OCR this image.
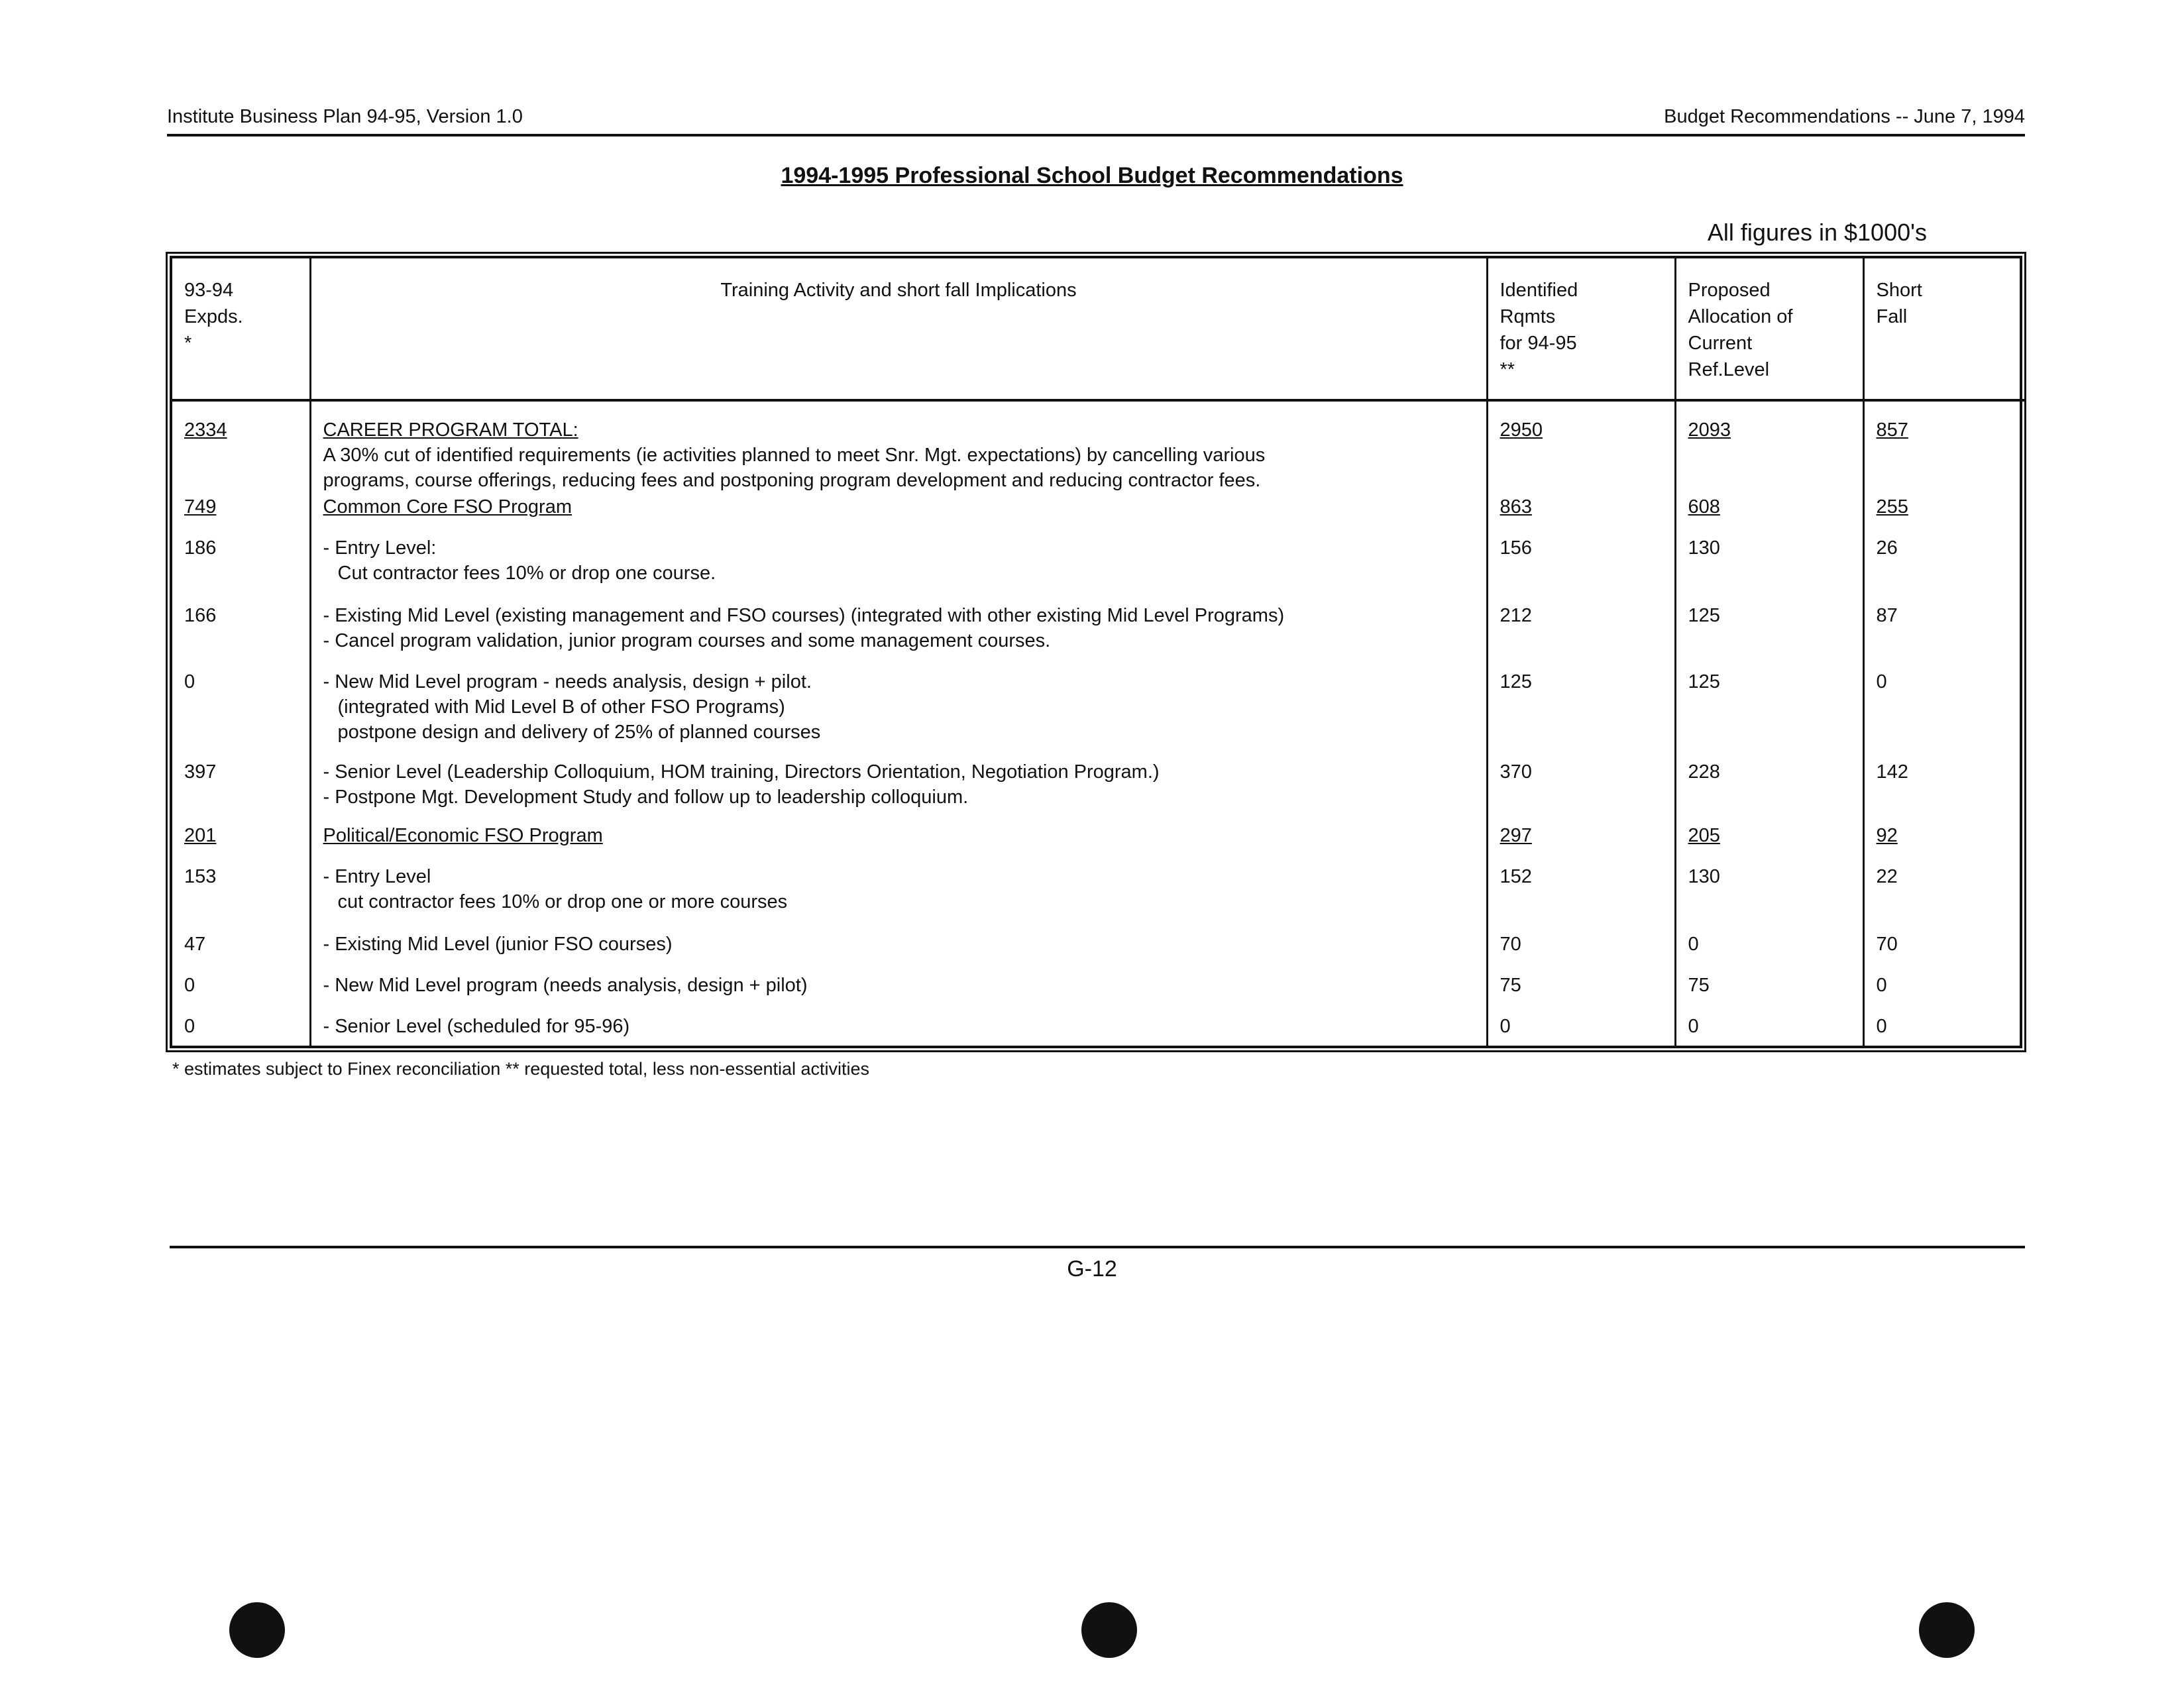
Institute Business Plan 94-95, Version 1.0	Budget Recommendations -- June 7, 1994
1994-1995 Professional School Budget Recommendations
All figures in $1000's
93-94
Expds.
*	Training Activity and short fall Implications	Identified
Rqmts
for 94-95
**	Proposed
Allocation of
Current
Ref.Level	Short
Fall

2334	CAREER PROGRAM TOTAL:
A 30% cut of identified requirements (ie activities planned to meet Snr. Mgt. expectations) by cancelling various
programs, course offerings, reducing fees and postponing program development and reducing contractor fees.	2950	2093	857

749	Common Core FSO Program	863	608	255

186	- Entry Level:
Cut contractor fees 10% or drop one course.	156	130	26

166	- Existing Mid Level (existing management and FSO courses) (integrated with other existing Mid Level Programs)
- Cancel program validation, junior program courses and some management courses.	212	125	87

0	- New Mid Level program - needs analysis, design + pilot.
(integrated with Mid Level B of other FSO Programs)
postpone design and delivery of 25% of planned courses	125	125	0

397	- Senior Level (Leadership Colloquium, HOM training, Directors Orientation, Negotiation Program.)
- Postpone Mgt. Development Study and follow up to leadership colloquium.	370	228	142

201	Political/Economic FSO Program	297	205	92

153	- Entry Level
cut contractor fees 10% or drop one or more courses	152	130	22

47	- Existing Mid Level (junior FSO courses)	70	0	70

0	- New Mid Level program (needs analysis, design + pilot)	75	75	0

0	- Senior Level (scheduled for 95-96)	0	0	0
* estimates subject to Finex reconciliation ** requested total, less non-essential activities
G-12
